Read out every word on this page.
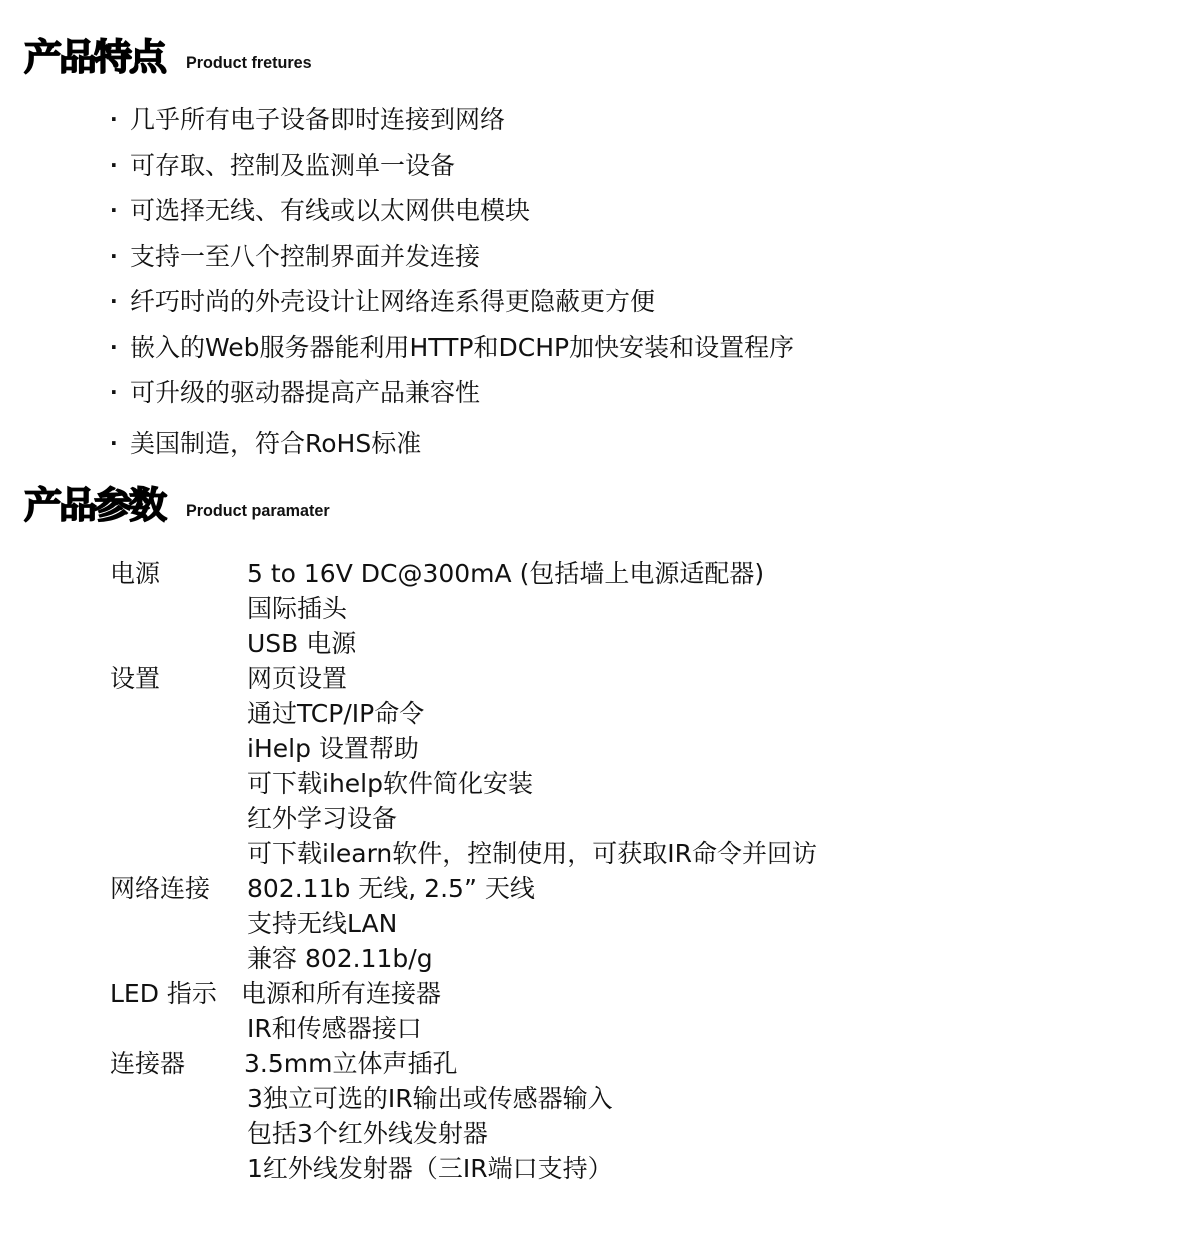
产品特点 Product fretures
· 几乎所有电子设备即时连接到网络
· 可存取、控制及监测单一设备
· 可选择无线、有线或以太网供电模块
· 支持一至八个控制界面并发连接
· 纤巧时尚的外壳设计让网络连系得更隐蔽更方便
· 嵌入的Web服务器能利用HTTP和DCHP加快安装和设置程序
· 可升级的驱动器提高产品兼容性
· 美国制造，符合RoHS标准
产品参数 Product paramater
电源	5 to 16V DC@300mA (包括墙上电源适配器)
国际插头
USB 电源
设置	网页设置
通过TCP/IP命令
iHelp 设置帮助
可下载ihelp软件简化安装
红外学习设备
可下载ilearn软件，控制使用，可获取IR命令并回访
网络连接 802.11b 无线, 2.5” 天线
支持无线LAN
兼容 802.11b/g
LED 指示 电源和所有连接器
IR和传感器接口
连接器 3.5mm立体声插孔
3独立可选的IR输出或传感器输入
包括3个红外线发射器
1红外线发射器（三IR端口支持）
